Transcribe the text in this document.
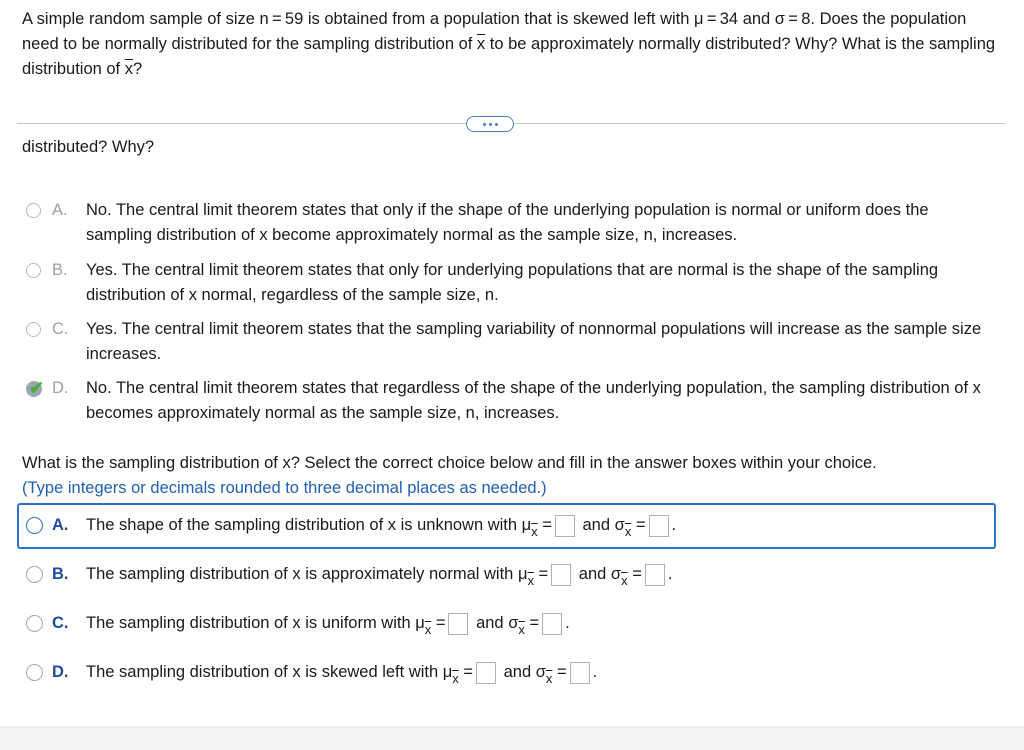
A simple random sample of size n = 59 is obtained from a population that is skewed left with μ = 34 and σ = 8. Does the population need to be normally distributed for the sampling distribution of $\overline{x}$ to be approximately normally distributed? Why? What is the sampling distribution of $\overline{x}$?
distributed? Why?
A. No. The central limit theorem states that only if the shape of the underlying population is normal or uniform does the sampling distribution of x become approximately normal as the sample size, n, increases.
B. Yes. The central limit theorem states that only for underlying populations that are normal is the shape of the sampling distribution of x normal, regardless of the sample size, n.
C. Yes. The central limit theorem states that the sampling variability of nonnormal populations will increase as the sample size increases.
✔ D. No. The central limit theorem states that regardless of the shape of the underlying population, the sampling distribution of x becomes approximately normal as the sample size, n, increases.
What is the sampling distribution of x? Select the correct choice below and fill in the answer boxes within your choice.
(Type integers or decimals rounded to three decimal places as needed.)
A. The shape of the sampling distribution of x is unknown with $\mu_{\overline{x}}$ = and $\sigma_{\overline{x}}$ = .
B. The sampling distribution of x is approximately normal with $\mu_{\overline{x}}$ = and $\sigma_{\overline{x}}$ = .
C. The sampling distribution of x is uniform with $\mu_{\overline{x}}$ = and $\sigma_{\overline{x}}$ = .
D. The sampling distribution of x is skewed left with $\mu_{\overline{x}}$ = and $\sigma_{\overline{x}}$ = .
